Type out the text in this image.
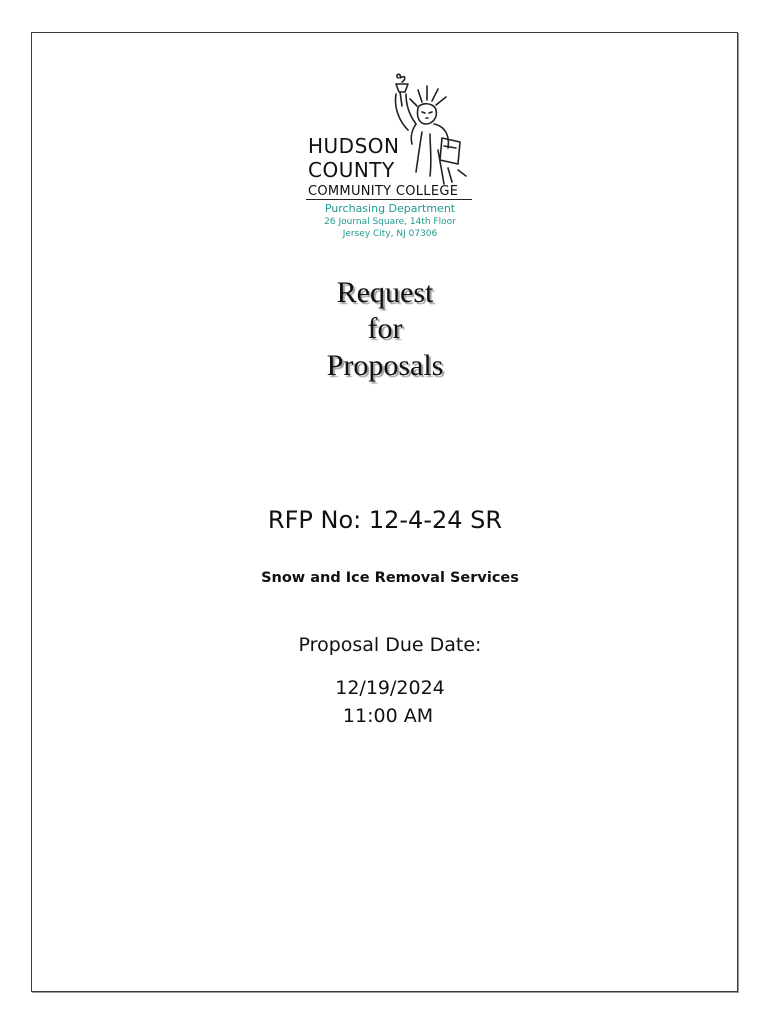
HUDSON
COUNTY
COMMUNITY COLLEGE
Purchasing Department
26 Journal Square, 14th Floor
Jersey City, NJ 07306
Request
for
Proposals
RFP No: 12-4-24 SR
Snow and Ice Removal Services
Proposal Due Date:
12/19/2024
11:00 AM
